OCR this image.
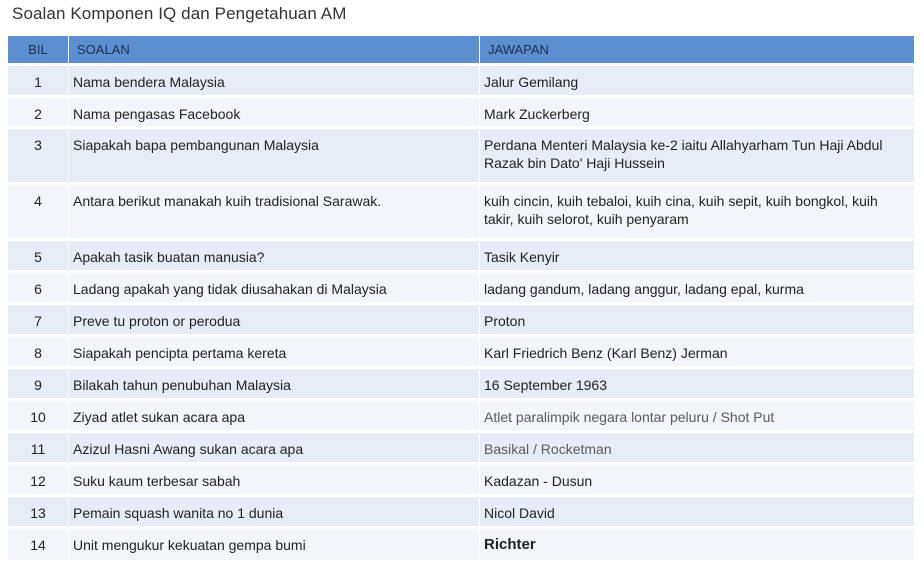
Soalan Komponen IQ dan Pengetahuan AM
BIL	SOALAN	JAWAPAN
1	Nama bendera Malaysia	Jalur Gemilang
2	Nama pengasas Facebook	Mark Zuckerberg
3	Siapakah bapa pembangunan Malaysia	Perdana Menteri Malaysia ke-2 iaitu Allahyarham Tun Haji Abdul Razak bin Dato' Haji Hussein
4	Antara berikut manakah kuih tradisional Sarawak.	kuih cincin, kuih tebaloi, kuih cina, kuih sepit, kuih bongkol, kuih takir, kuih selorot, kuih penyaram
5	Apakah tasik buatan manusia?	Tasik Kenyir
6	Ladang apakah yang tidak diusahakan di Malaysia	ladang gandum, ladang anggur, ladang epal, kurma
7	Preve tu proton or perodua	Proton
8	Siapakah pencipta pertama kereta	Karl Friedrich Benz (Karl Benz) Jerman
9	Bilakah tahun penubuhan Malaysia	16 September 1963
10	Ziyad atlet sukan acara apa	Atlet paralimpik negara lontar peluru / Shot Put
11	Azizul Hasni Awang sukan acara apa	Basikal / Rocketman
12	Suku kaum terbesar sabah	Kadazan - Dusun
13	Pemain squash wanita no 1 dunia	Nicol David
14	Unit mengukur kekuatan gempa bumi	Richter
